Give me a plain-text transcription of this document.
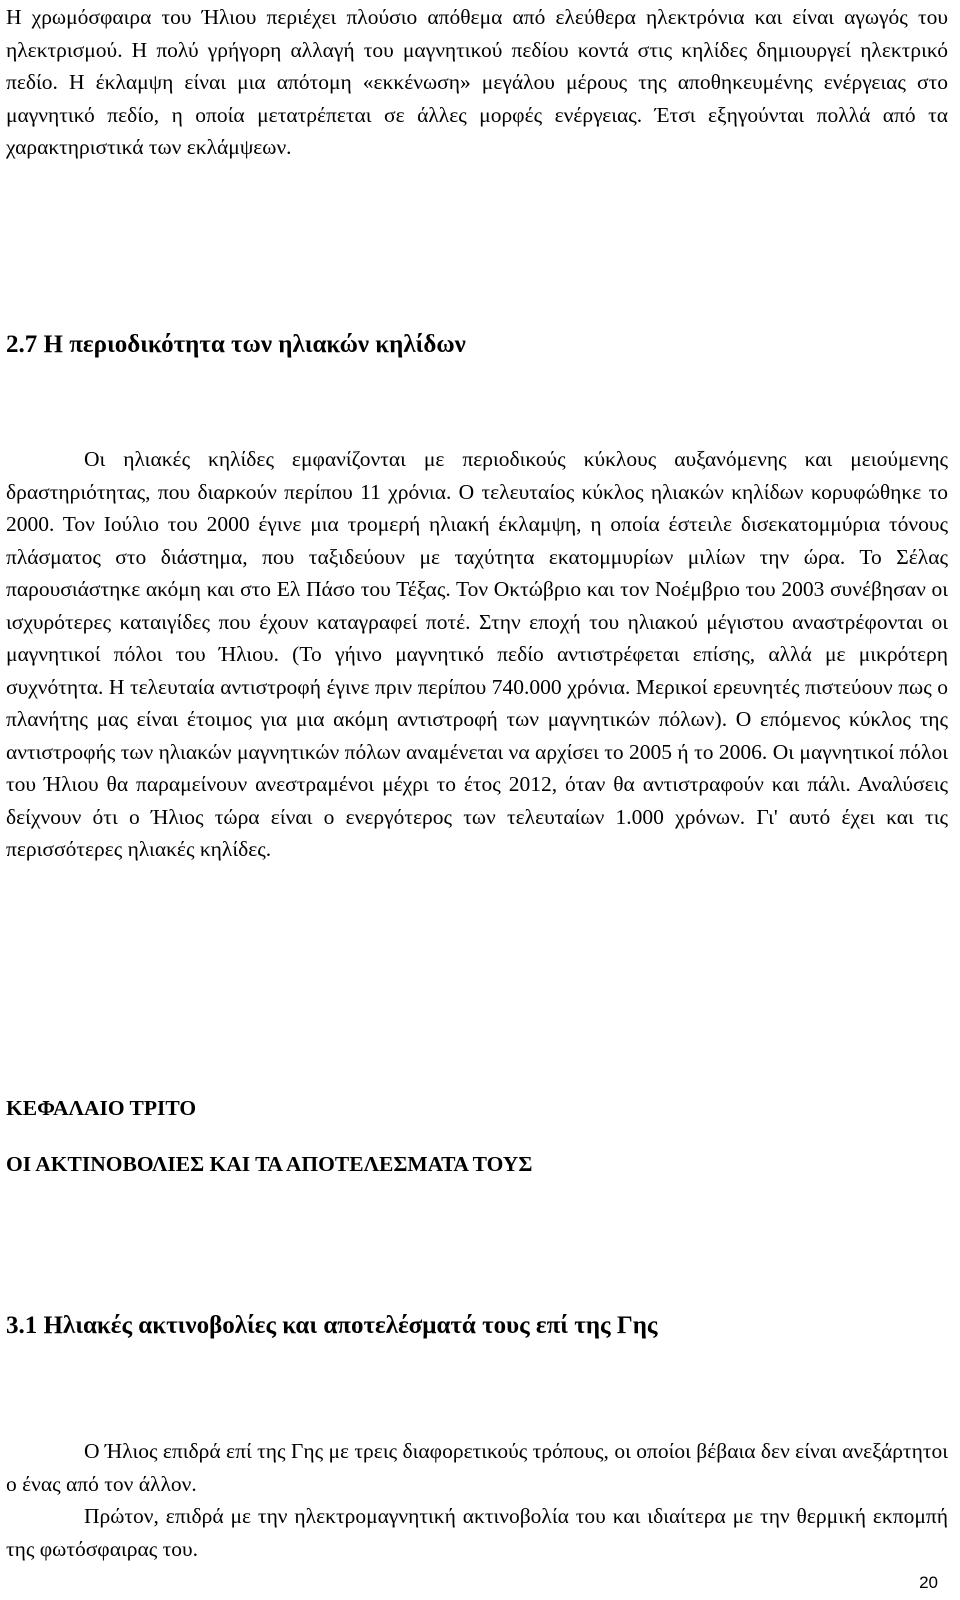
Η χρωμόσφαιρα του Ήλιου περιέχει πλούσιο απόθεμα από ελεύθερα ηλεκτρόνια και είναι αγωγός του ηλεκτρισμού. Η πολύ γρήγορη αλλαγή του μαγνητικού πεδίου κοντά στις κηλίδες δημιουργεί ηλεκτρικό πεδίο. Η έκλαμψη είναι μια απότομη «εκκένωση» μεγάλου μέρους της αποθηκευμένης ενέργειας στο μαγνητικό πεδίο, η οποία μετατρέπεται σε άλλες μορφές ενέργειας. Έτσι εξηγούνται πολλά από τα χαρακτηριστικά των εκλάμψεων.

2.7 Η περιοδικότητα των ηλιακών κηλίδων

Οι ηλιακές κηλίδες εμφανίζονται με περιοδικούς κύκλους αυξανόμενης και μειούμενης δραστηριότητας, που διαρκούν περίπου 11 χρόνια. Ο τελευταίος κύκλος ηλιακών κηλίδων κορυφώθηκε το 2000. Τον Ιούλιο του 2000 έγινε μια τρομερή ηλιακή έκλαμψη, η οποία έστειλε δισεκατομμύρια τόνους πλάσματος στο διάστημα, που ταξιδεύουν με ταχύτητα εκατομμυρίων μιλίων την ώρα. Το Σέλας παρουσιάστηκε ακόμη και στο Ελ Πάσο του Τέξας. Τον Οκτώβριο και τον Νοέμβριο του 2003 συνέβησαν οι ισχυρότερες καταιγίδες που έχουν καταγραφεί ποτέ. Στην εποχή του ηλιακού μέγιστου αναστρέφονται οι μαγνητικοί πόλοι του Ήλιου. (Το γήινο μαγνητικό πεδίο αντιστρέφεται επίσης, αλλά με μικρότερη συχνότητα. Η τελευταία αντιστροφή έγινε πριν περίπου 740.000 χρόνια. Μερικοί ερευνητές πιστεύουν πως ο πλανήτης μας είναι έτοιμος για μια ακόμη αντιστροφή των μαγνητικών πόλων). Ο επόμενος κύκλος της αντιστροφής των ηλιακών μαγνητικών πόλων αναμένεται να αρχίσει το 2005 ή το 2006. Οι μαγνητικοί πόλοι του Ήλιου θα παραμείνουν ανεστραμένοι μέχρι το έτος 2012, όταν θα αντιστραφούν και πάλι. Αναλύσεις δείχνουν ότι ο Ήλιος τώρα είναι ο ενεργότερος των τελευταίων 1.000 χρόνων. Γι' αυτό έχει και τις περισσότερες ηλιακές κηλίδες.

ΚΕΦΑΛΑΙΟ ΤΡΙΤΟ
ΟΙ ΑΚΤΙΝΟΒΟΛΙΕΣ ΚΑΙ ΤΑ ΑΠΟΤΕΛΕΣΜΑΤΑ ΤΟΥΣ
3.1 Ηλιακές ακτινοβολίες και αποτελέσματά τους επί της Γης

Ο Ήλιος επιδρά επί της Γης με τρεις διαφορετικούς τρόπους, οι οποίοι βέβαια δεν είναι ανεξάρτητοι ο ένας από τον άλλον.

Πρώτον, επιδρά με την ηλεκτρομαγνητική ακτινοβολία του και ιδιαίτερα με την θερμική εκπομπή της φωτόσφαιρας του.

20
